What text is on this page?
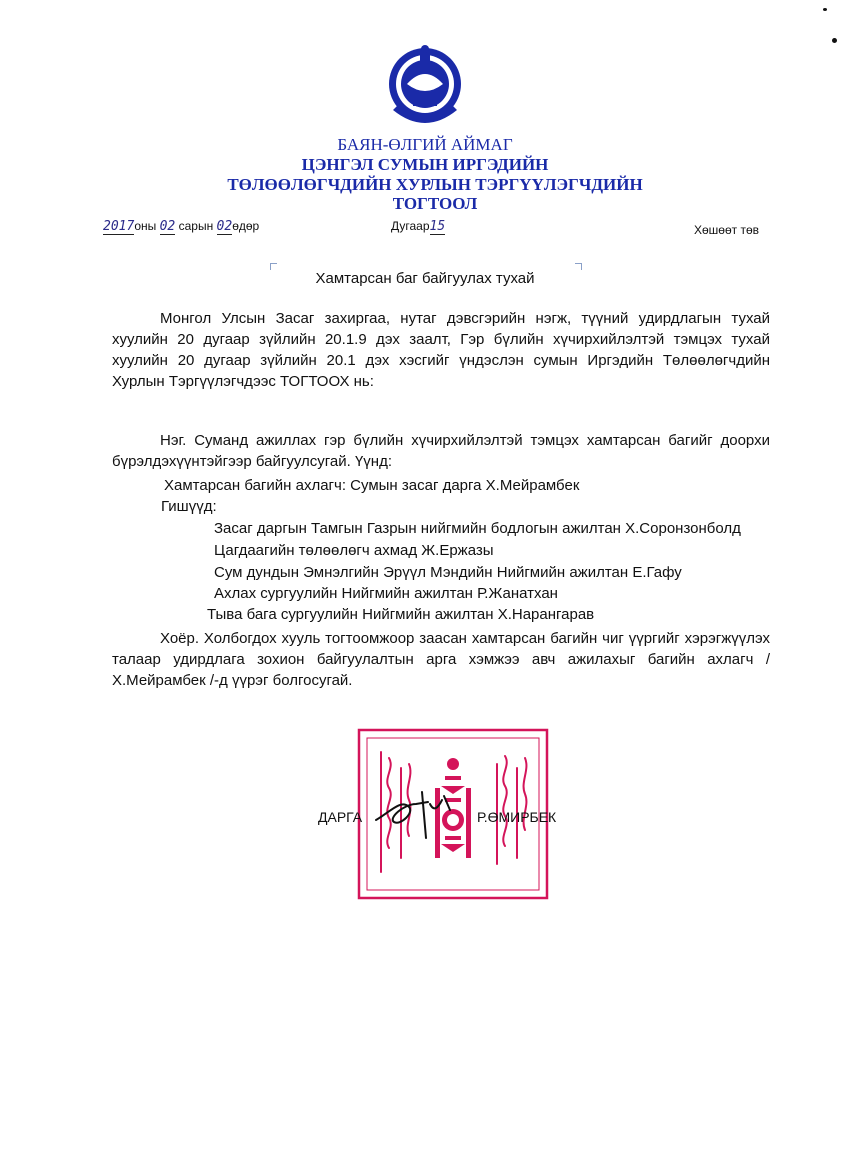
БАЯН-ӨЛГИЙ АЙМАГ
ЦЭНГЭЛ СУМЫН ИРГЭДИЙН
ТӨЛӨӨЛӨГЧДИЙН ХУРЛЫН ТЭРГҮҮЛЭГЧДИЙН
ТОГТООЛ
2017оны 02 сарын 02өдөр	Дугаар15	Хөшөөт төв
Хамтарсан баг байгуулах тухай

Монгол Улсын Засаг захиргаа, нутаг дэвсгэрийн нэгж, түүний удирдлагын тухай хуулийн 20 дугаар зүйлийн 20.1.9 дэх заалт, Гэр бүлийн хүчирхийлэлтэй тэмцэх тухай хуулийн 20 дугаар зүйлийн 20.1 дэх хэсгийг үндэслэн сумын Иргэдийн Төлөөлөгчдийн Хурлын Тэргүүлэгчдээс ТОГТООХ нь:

Нэг. Суманд ажиллах гэр бүлийн хүчирхийлэлтэй тэмцэх хамтарсан багийг доорхи бүрэлдэхүүнтэйгээр байгуулсугай. Үүнд:

Хамтарсан багийн ахлагч: Сумын засаг дарга Х.Мейрамбек
Гишүүд:
Засаг даргын Тамгын Газрын нийгмийн бодлогын ажилтан Х.Соронзонболд
Цагдаагийн төлөөлөгч ахмад Ж.Ержазы
Сум дундын Эмнэлгийн Эрүүл Мэндийн Нийгмийн ажилтан Е.Гафу
Ахлах сургуулийн Нийгмийн ажилтан Р.Жанатхан
Тыва бага сургуулийн Нийгмийн ажилтан Х.Нарангарав

Хоёр. Холбогдох хууль тогтоомжоор заасан хамтарсан багийн чиг үүргийг хэрэгжүүлэх талаар удирдлага зохион байгуулалтын арга хэмжээ авч ажилахыг багийн ахлагч / Х.Мейрамбек /-д үүрэг болгосугай.

ДАРГА	Р.ӨМИРБЕК
